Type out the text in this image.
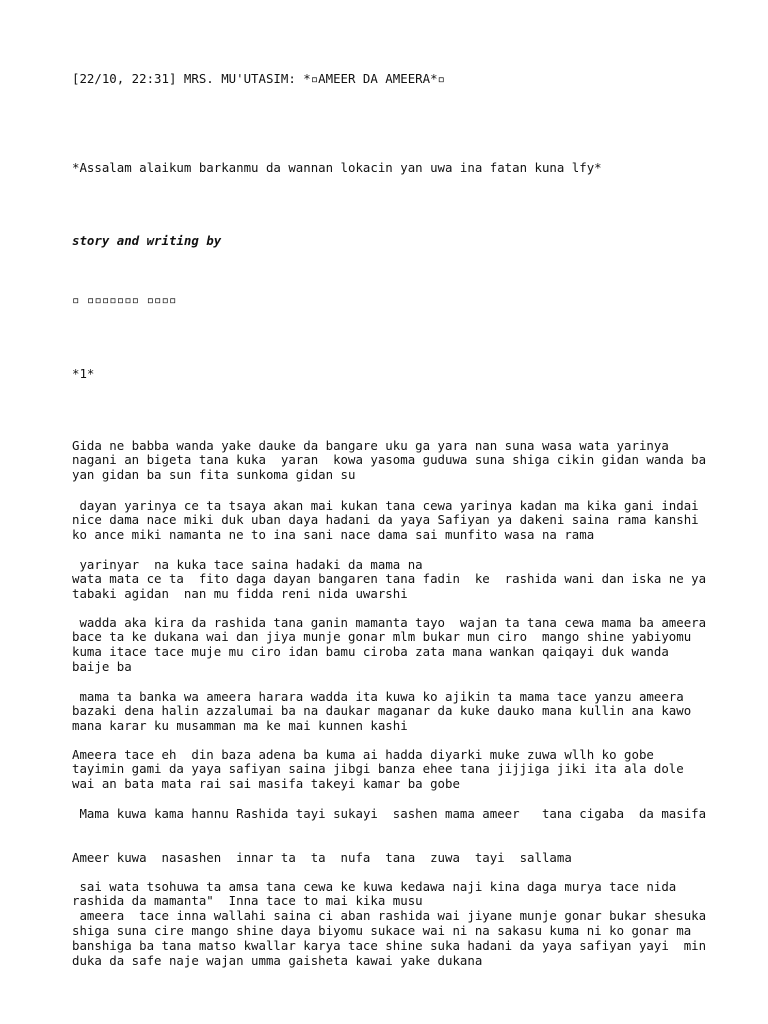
[22/10, 22:31] MRS. MU'UTASIM: *▫AMEER DA AMEERA*▫

*Assalam alaikum barkanmu da wannan lokacin yan uwa ina fatan kuna lfy*

story and writing by

▫ ▫▫▫▫▫▫▫ ▫▫▫▫

*1*

Gida ne babba wanda yake dauke da bangare uku ga yara nan suna wasa wata yarinya nagani an bigeta tana kuka  yaran  kowa yasoma guduwa suna shiga cikin gidan wanda ba yan gidan ba sun fita sunkoma gidan su

dayan yarinya ce ta tsaya akan mai kukan tana cewa yarinya kadan ma kika gani indai nice dama nace miki duk uban daya hadani da yaya Safiyan ya dakeni saina rama kanshi ko ance miki namanta ne to ina sani nace dama sai munfito wasa na rama

yarinyar  na kuka tace saina hadaki da mama na
wata mata ce ta  fito daga dayan bangaren tana fadin  ke  rashida wani dan iska ne ya tabaki agidan  nan mu fidda reni nida uwarshi

wadda aka kira da rashida tana ganin mamanta tayo  wajan ta tana cewa mama ba ameera bace ta ke dukana wai dan jiya munje gonar mlm bukar mun ciro  mango shine yabiyomu  kuma itace tace muje mu ciro idan bamu ciroba zata mana wankan qaiqayi duk wanda baije ba

mama ta banka wa ameera harara wadda ita kuwa ko ajikin ta mama tace yanzu ameera bazaki dena halin azzalumai ba na daukar maganar da kuke dauko mana kullin ana kawo mana karar ku musamman ma ke mai kunnen kashi

Ameera tace eh  din baza adena ba kuma ai hadda diyarki muke zuwa wllh ko gobe tayimin gami da yaya safiyan saina jibgi banza ehee tana jijjiga jiki ita ala dole wai an bata mata rai sai masifa takeyi kamar ba gobe

Mama kuwa kama hannu Rashida tayi sukayi  sashen mama ameer   tana cigaba  da masifa

Ameer kuwa  nasashen  innar ta  ta  nufa  tana  zuwa  tayi  sallama

sai wata tsohuwa ta amsa tana cewa ke kuwa kedawa naji kina daga murya tace nida rashida da mamanta"  Inna tace to mai kika musu
ameera  tace inna wallahi saina ci aban rashida wai jiyane munje gonar bukar shesuka shiga suna cire mango shine daya biyomu sukace wai ni na sakasu kuma ni ko gonar ma banshiga ba tana matso kwallar karya tace shine suka hadani da yaya safiyan yayi  min duka da safe naje wajan umma gaisheta kawai yake dukana
